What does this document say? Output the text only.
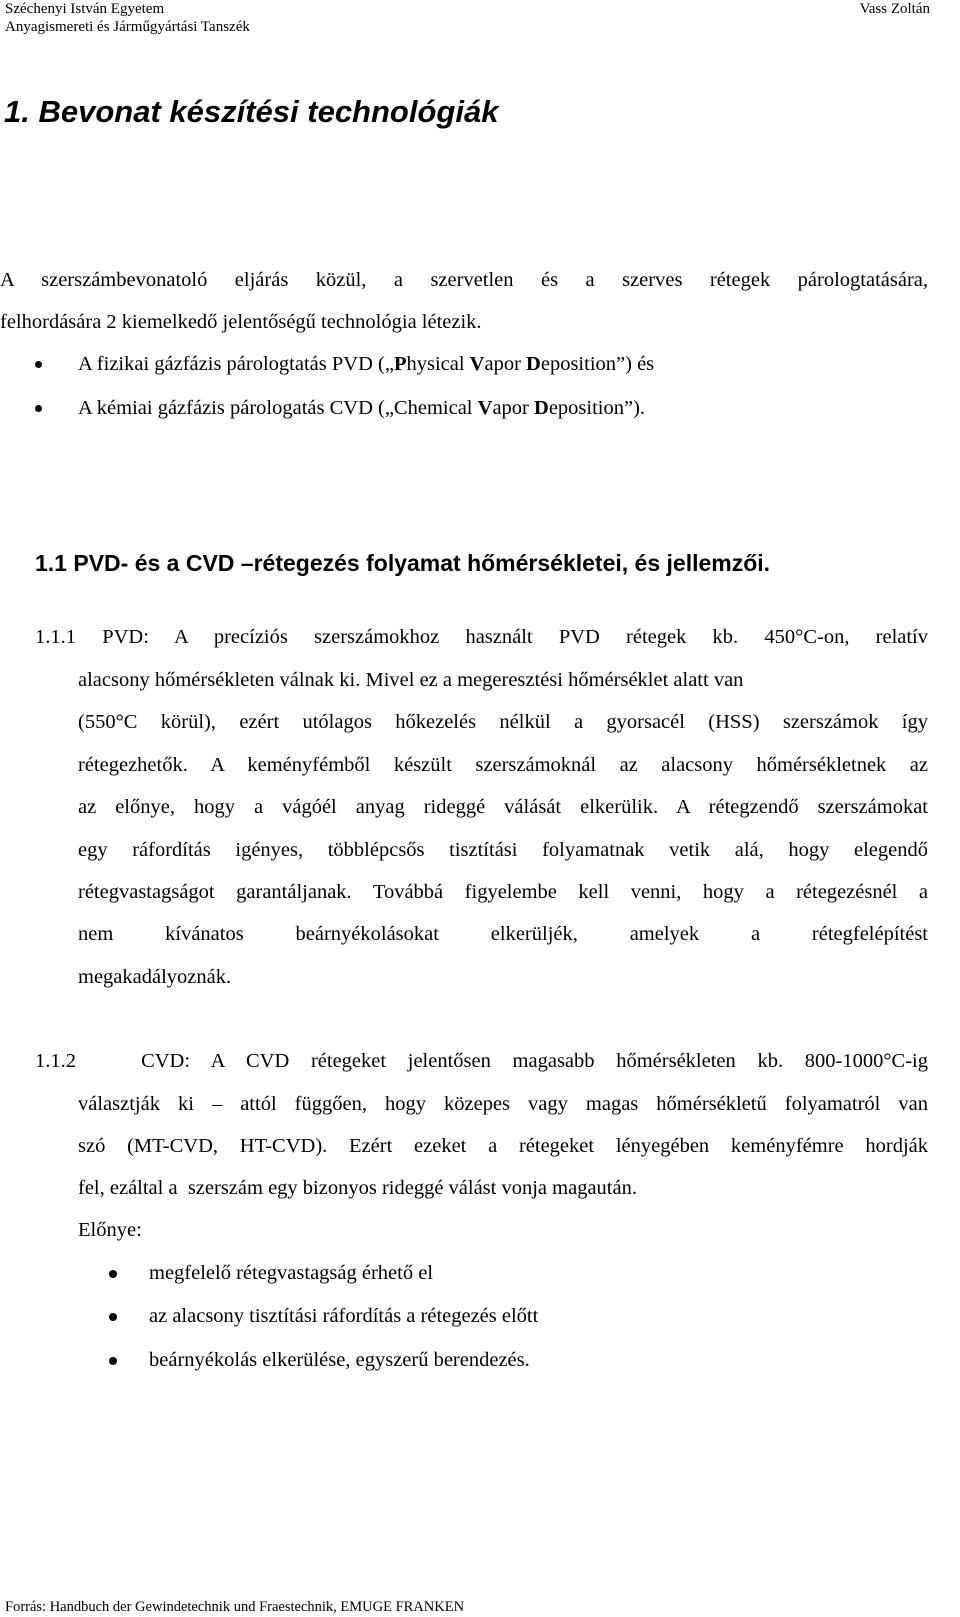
Széchenyi István Egyetem
Anyagismereti és Járműgyártási Tanszék
Vass Zoltán
1. Bevonat készítési technológiák
A szerszámbevonatoló eljárás közül, a szervetlen és a szerves rétegek párologtatására,
felhordására 2 kiemelkedő jelentőségű technológia létezik.
A fizikai gázfázis párologtatás PVD („Physical Vapor Deposition”) és
A kémiai gázfázis párologatás CVD („Chemical Vapor Deposition”).
1.1 PVD- és a CVD –rétegezés folyamat hőmérsékletei, és jellemzői.
1.1.1 PVD: A precíziós szerszámokhoz használt PVD rétegek kb. 450°C-on, relatív
alacsony hőmérsékleten válnak ki. Mivel ez a megeresztési hőmérséklet alatt van
(550°C körül), ezért utólagos hőkezelés nélkül a gyorsacél (HSS) szerszámok így
rétegezhetők. A keményfémből készült szerszámoknál az alacsony hőmérsékletnek az
az előnye, hogy a vágóél anyag rideggé válását elkerülik. A rétegzendő szerszámokat
egy ráfordítás igényes, többlépcsős tisztítási folyamatnak vetik alá, hogy elegendő
rétegvastagságot garantáljanak. Továbbá figyelembe kell venni, hogy a rétegezésnél a
nem kívánatos beárnyékolásokat elkerüljék, amelyek a rétegfelépítést
megakadályoznák.
1.1.2   CVD: A CVD rétegeket jelentősen magasabb hőmérsékleten kb. 800-1000°C-ig
választják ki – attól függően, hogy közepes vagy magas hőmérsékletű folyamatról van
szó (MT-CVD, HT-CVD). Ezért ezeket a rétegeket lényegében keményfémre hordják
fel, ezáltal a  szerszám egy bizonyos rideggé válást vonja magaután.
Előnye:
megfelelő rétegvastagság érhető el
az alacsony tisztítási ráfordítás a rétegezés előtt
beárnyékolás elkerülése, egyszerű berendezés.
Forrás: Handbuch der Gewindetechnik und Fraestechnik, EMUGE FRANKEN
